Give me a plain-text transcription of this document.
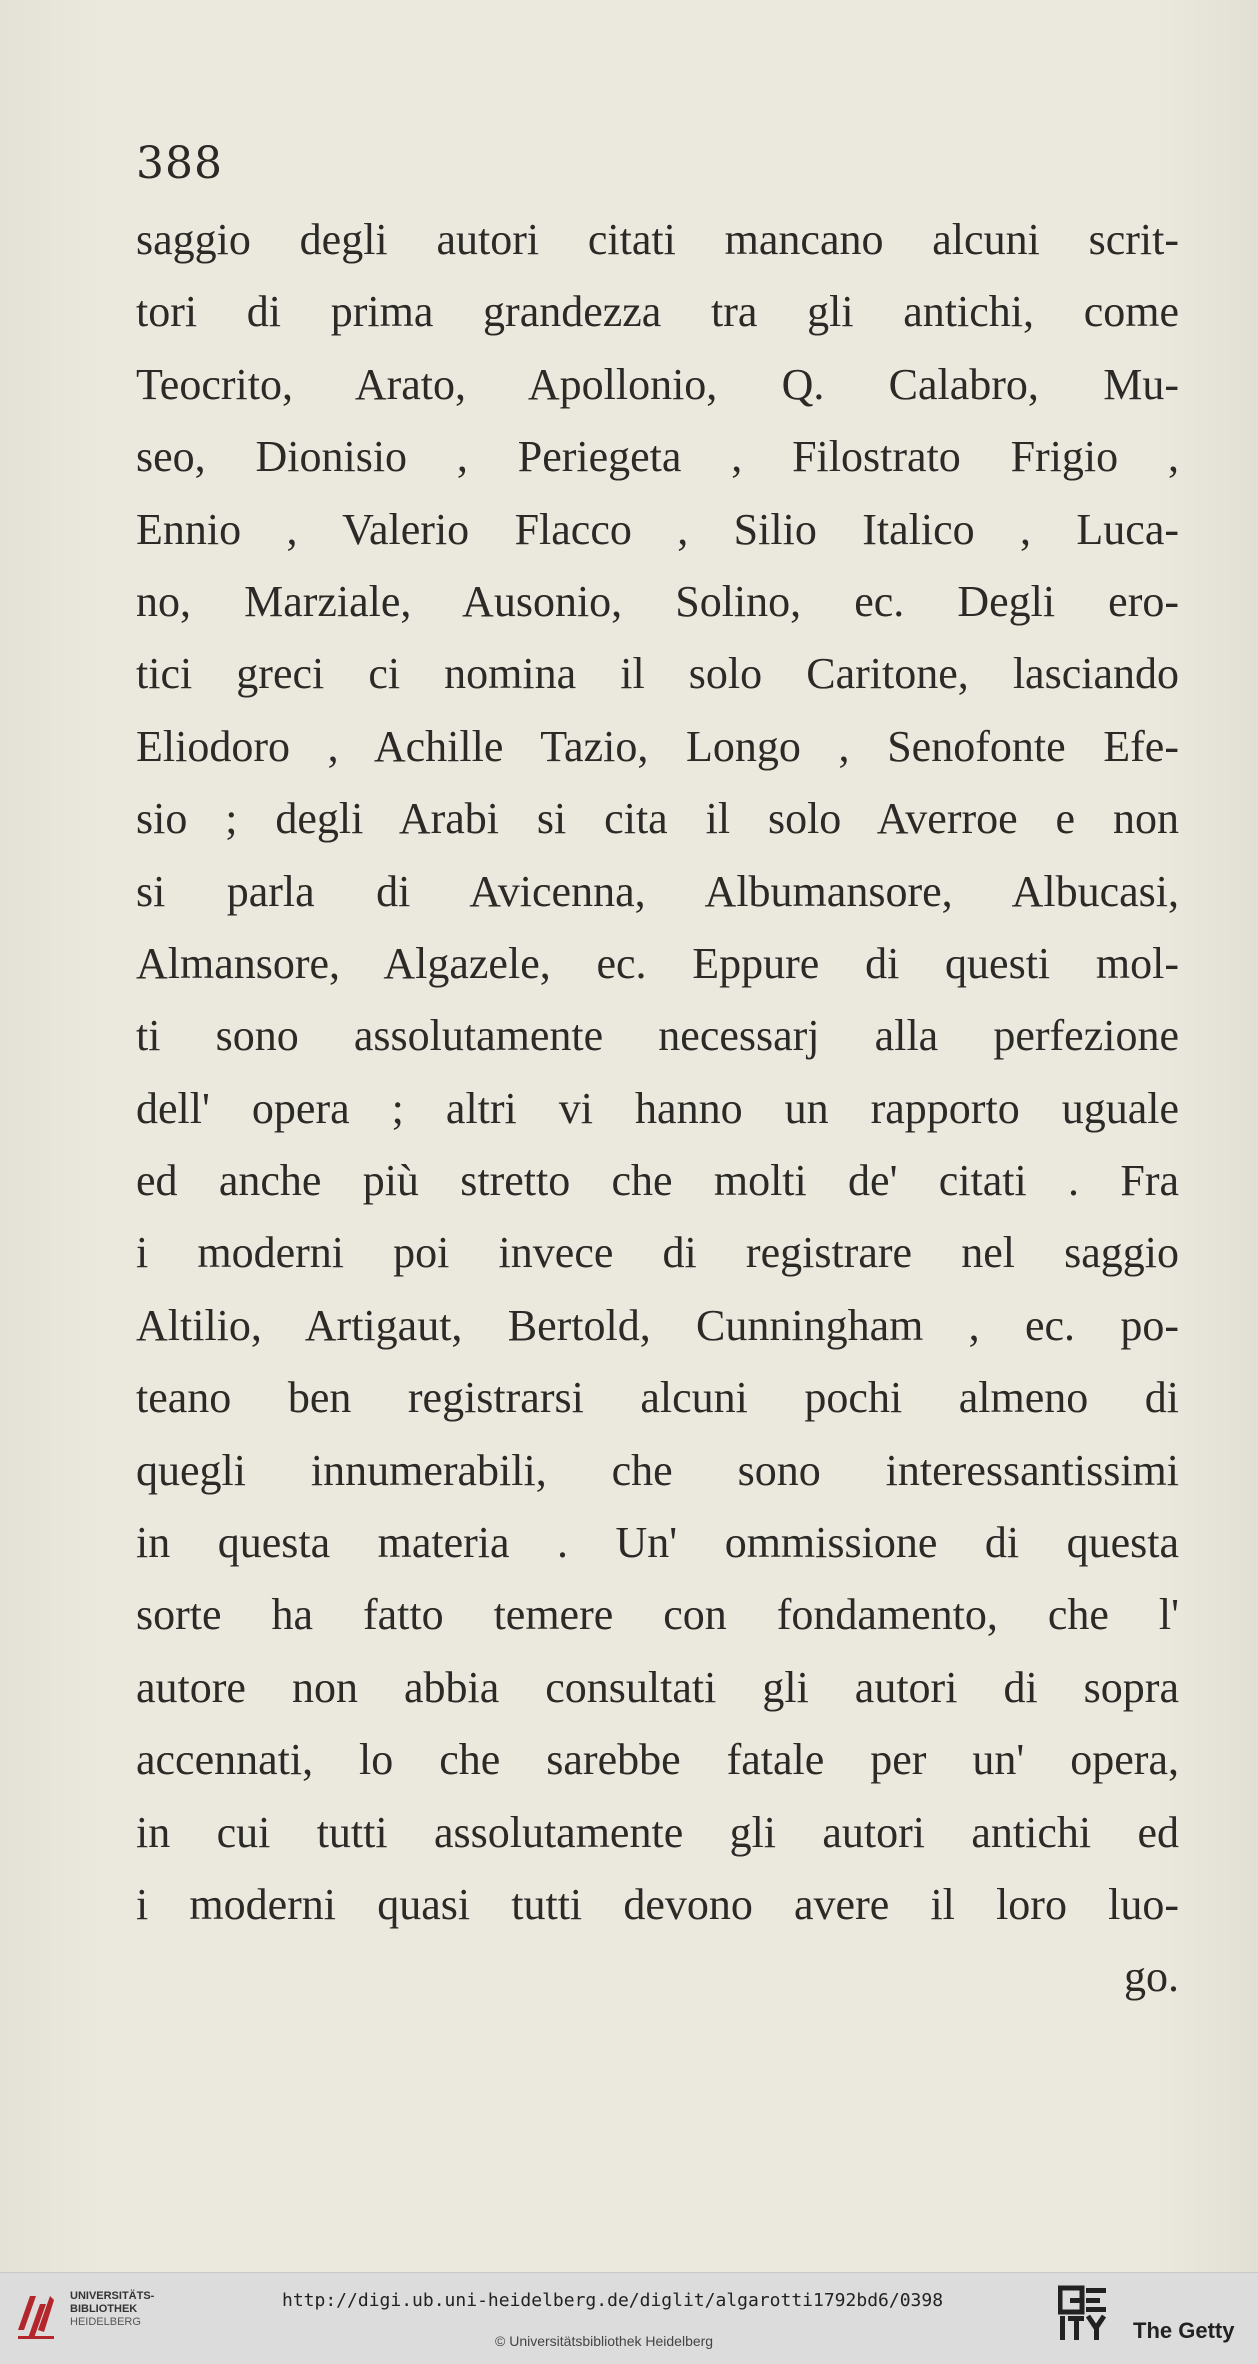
388
saggio degli autori citati mancano alcuni scrit-
tori di prima grandezza tra gli antichi, come
Teocrito, Arato, Apollonio, Q. Calabro, Mu-
seo, Dionisio , Periegeta , Filostrato Frigio ,
Ennio , Valerio Flacco , Silio Italico , Luca-
no, Marziale, Ausonio, Solino, ec. Degli ero-
tici greci ci nomina il solo Caritone, lasciando
Eliodoro , Achille Tazio, Longo , Senofonte Efe-
sio ; degli Arabi si cita il solo Averroe e non
si parla di Avicenna, Albumansore, Albucasi,
Almansore, Algazele, ec. Eppure di questi mol-
ti sono assolutamente necessarj alla perfezione
dell' opera ; altri vi hanno un rapporto uguale
ed anche più stretto che molti de' citati . Fra
i moderni poi invece di registrare nel saggio
Altilio, Artigaut, Bertold, Cunningham , ec. po-
teano ben registrarsi alcuni pochi almeno di
quegli innumerabili, che sono interessantissimi
in questa materia . Un' ommissione di questa
sorte ha fatto temere con fondamento, che l'
autore non abbia consultati gli autori di sopra
accennati, lo che sarebbe fatale per un' opera,
in cui tutti assolutamente gli autori antichi ed
i moderni quasi tutti devono avere il loro luo-
go.
UNIVERSITÄTS-
BIBLIOTHEK
HEIDELBERG
http://digi.ub.uni-heidelberg.de/diglit/algarotti1792bd6/0398
© Universitätsbibliothek Heidelberg	The Getty
